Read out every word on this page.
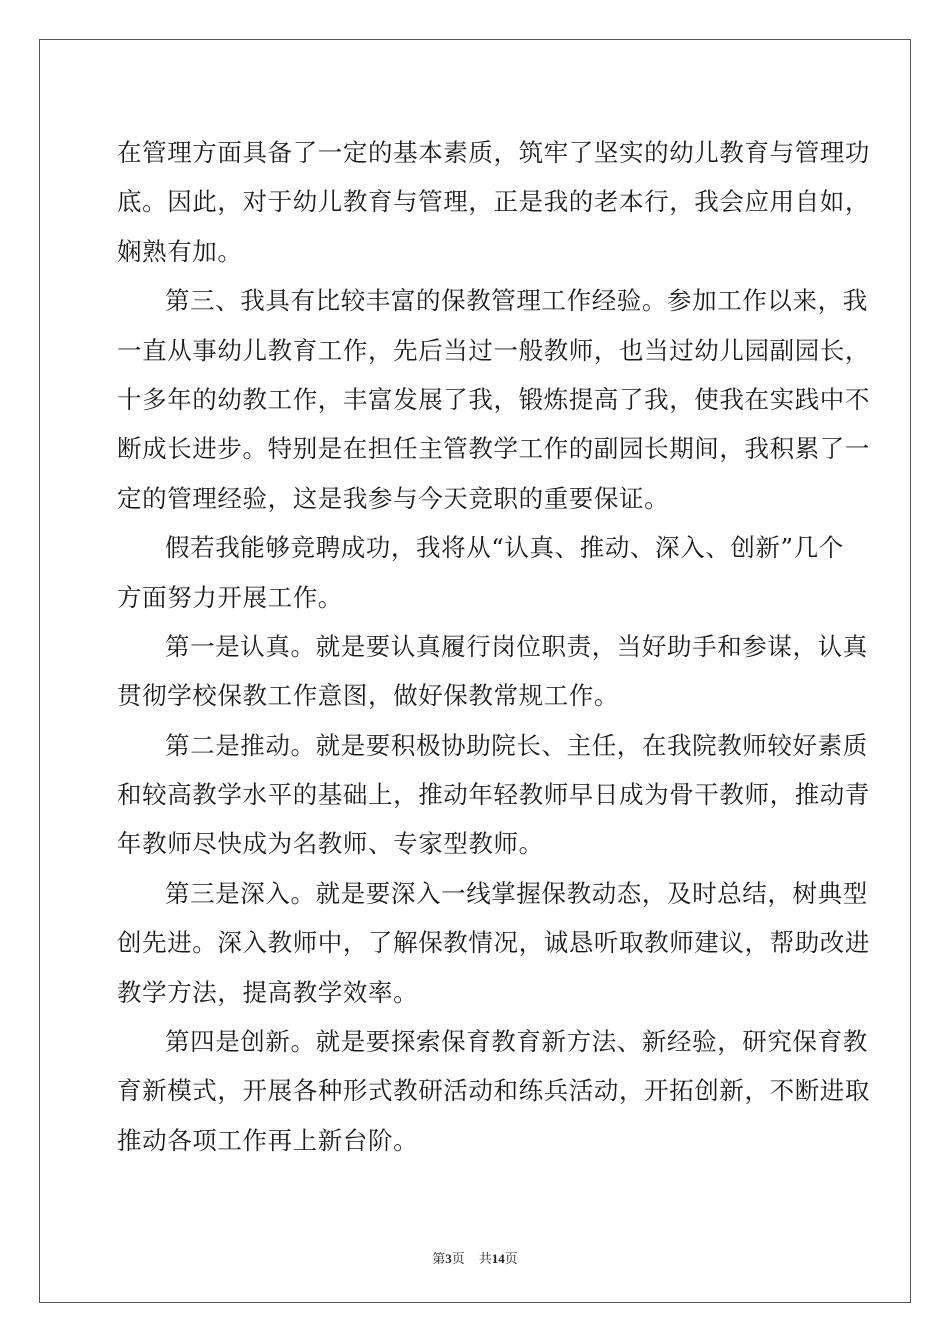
在管理方面具备了一定的基本素质，筑牢了坚实的幼儿教育与管理功
底。因此，对于幼儿教育与管理，正是我的老本行，我会应用自如，
娴熟有加。
第三、我具有比较丰富的保教管理工作经验。参加工作以来，我
一直从事幼儿教育工作，先后当过一般教师，也当过幼儿园副园长，
十多年的幼教工作，丰富发展了我，锻炼提高了我，使我在实践中不
断成长进步。特别是在担任主管教学工作的副园长期间，我积累了一
定的管理经验，这是我参与今天竞职的重要保证。
假若我能够竞聘成功，我将从“认真、推动、深入、创新”几个
方面努力开展工作。
第一是认真。就是要认真履行岗位职责，当好助手和参谋，认真
贯彻学校保教工作意图，做好保教常规工作。
第二是推动。就是要积极协助院长、主任，在我院教师较好素质
和较高教学水平的基础上，推动年轻教师早日成为骨干教师，推动青
年教师尽快成为名教师、专家型教师。
第三是深入。就是要深入一线掌握保教动态，及时总结，树典型
创先进。深入教师中，了解保教情况，诚恳听取教师建议，帮助改进
教学方法，提高教学效率。
第四是创新。就是要探索保育教育新方法、新经验，研究保育教
育新模式，开展各种形式教研活动和练兵活动，开拓创新，不断进取
推动各项工作再上新台阶。
第3页 共14页
